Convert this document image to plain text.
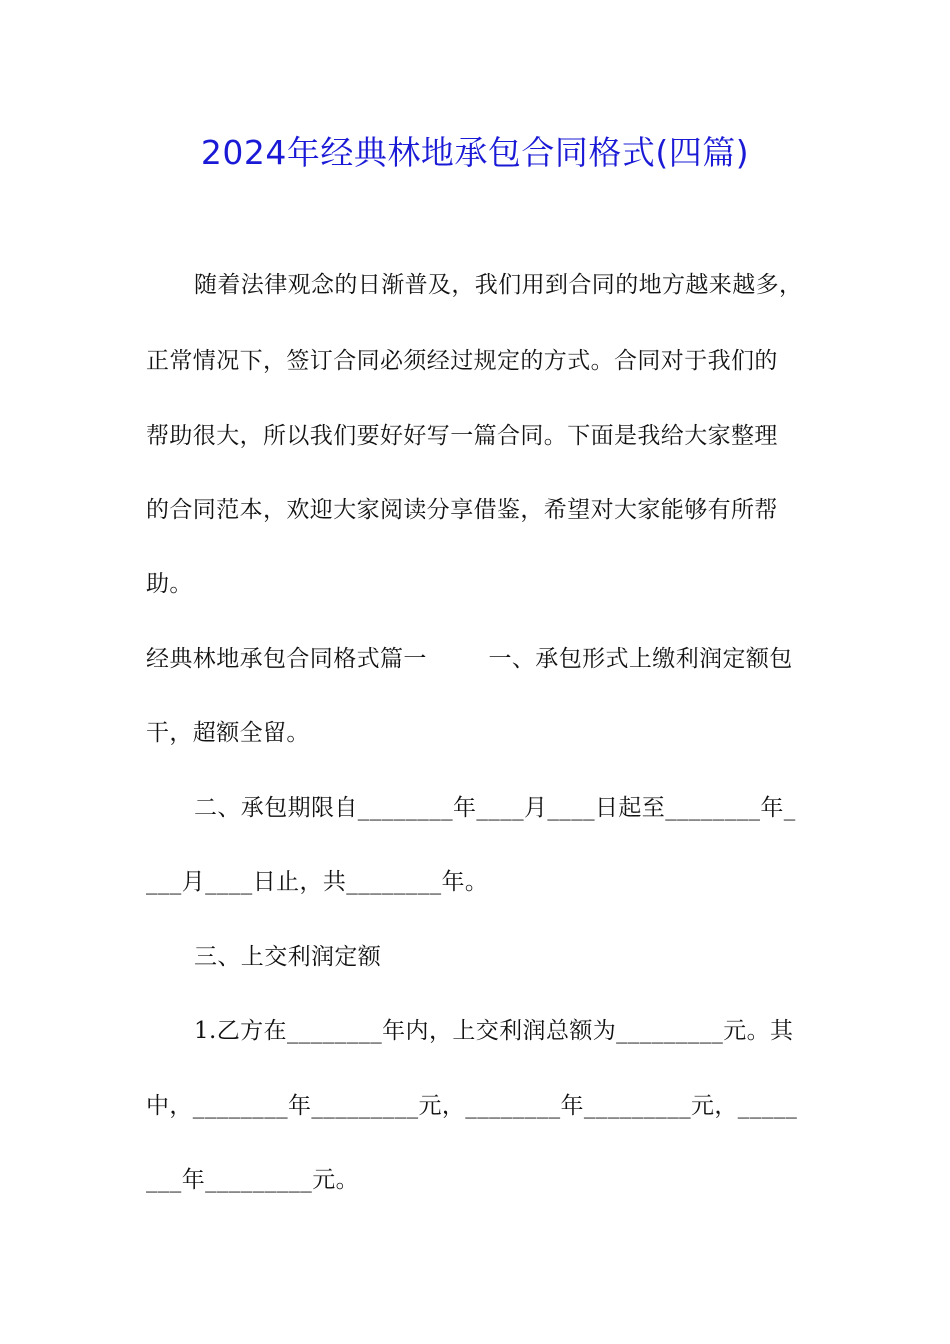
2024年经典林地承包合同格式(四篇)
随着法律观念的日渐普及，我们用到合同的地方越来越多，
正常情况下，签订合同必须经过规定的方式。合同对于我们的
帮助很大，所以我们要好好写一篇合同。下面是我给大家整理
的合同范本，欢迎大家阅读分享借鉴，希望对大家能够有所帮
助。
经典林地承包合同格式篇一        一、承包形式上缴利润定额包
干，超额全留。
二、承包期限自________年____月____日起至________年_
___月____日止，共________年。
三、上交利润定额
1.乙方在________年内，上交利润总额为_________元。其
中，________年_________元，________年_________元，_____
___年_________元。
